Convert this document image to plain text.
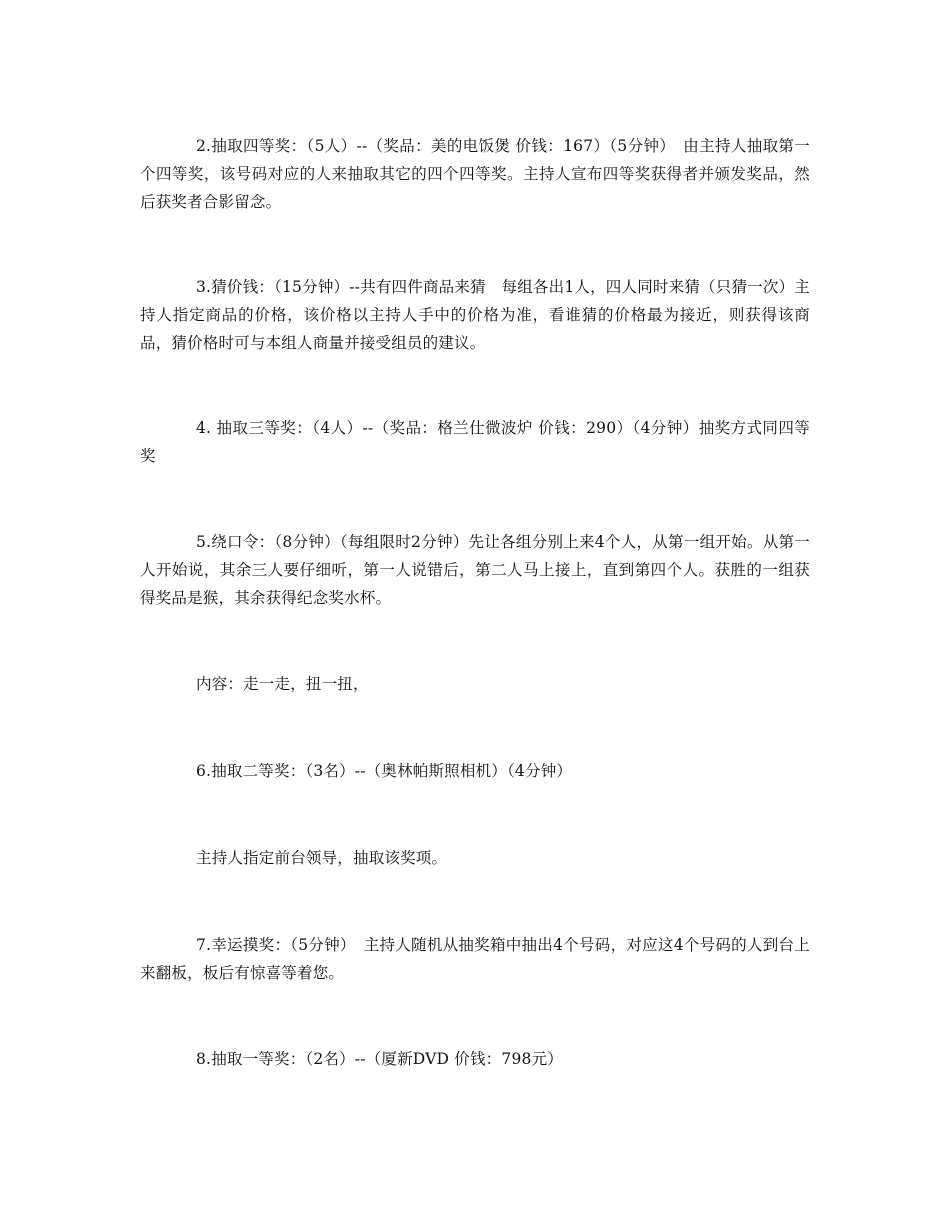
2.抽取四等奖：（5人）--（奖品：美的电饭煲 价钱：167）（5分钟）　由主持人抽取第一个四等奖，该号码对应的人来抽取其它的四个四等奖。主持人宣布四等奖获得者并颁发奖品，然后获奖者合影留念。

3.猜价钱：（15分钟）--共有四件商品来猜　每组各出1人，四人同时来猜（只猜一次）主持人指定商品的价格，该价格以主持人手中的价格为准，看谁猜的价格最为接近，则获得该商品，猜价格时可与本组人商量并接受组员的建议。

4. 抽取三等奖：（4人）--（奖品：格兰仕微波炉 价钱：290）（4分钟）抽奖方式同四等奖

5.绕口令：（8分钟）（每组限时2分钟）先让各组分别上来4个人，从第一组开始。从第一人开始说，其余三人要仔细听，第一人说错后，第二人马上接上，直到第四个人。获胜的一组获得奖品是猴，其余获得纪念奖水杯。

内容：走一走，扭一扭，

6.抽取二等奖：（3名）--（奥林帕斯照相机）（4分钟）

主持人指定前台领导，抽取该奖项。

7.幸运摸奖：（5分钟）　主持人随机从抽奖箱中抽出4个号码，对应这4个号码的人到台上来翻板，板后有惊喜等着您。

8.抽取一等奖：（2名）--（厦新DVD 价钱：798元）
